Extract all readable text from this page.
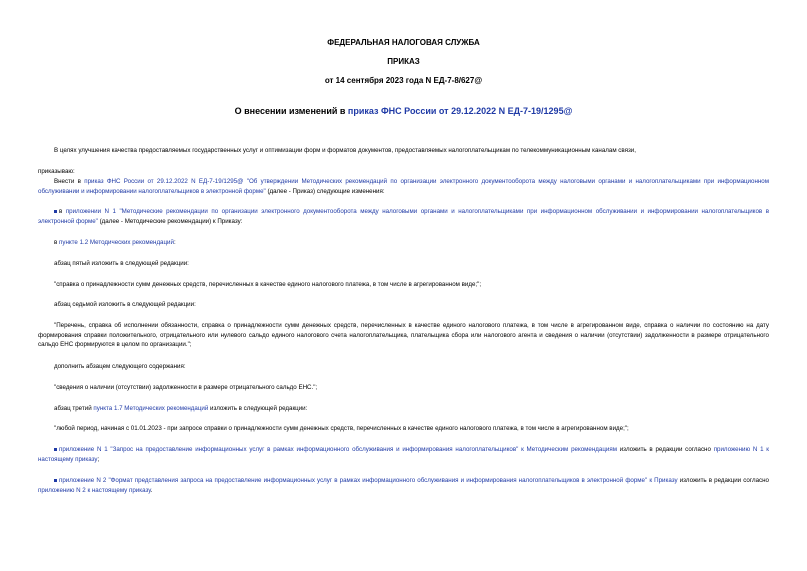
ФЕДЕРАЛЬНАЯ НАЛОГОВАЯ СЛУЖБА
ПРИКАЗ
от 14 сентября 2023 года N ЕД-7-8/627@
О внесении изменений в приказ ФНС России от 29.12.2022 N ЕД-7-19/1295@
В целях улучшения качества предоставляемых государственных услуг и оптимизации форм и форматов документов, предоставляемых налогоплательщикам по телекоммуникационным каналам связи,
приказываю:
Внести в приказ ФНС России от 29.12.2022 N ЕД-7-19/1295@ "Об утверждении Методических рекомендаций по организации электронного документооборота между налоговыми органами и налогоплательщиками при информационном обслуживании и информировании налогоплательщиков в электронной форме" (далее - Приказ) следующие изменения:
в приложении N 1 "Методические рекомендации по организации электронного документооборота между налоговыми органами и налогоплательщиками при информационном обслуживании и информировании налогоплательщиков в электронной форме" (далее - Методические рекомендации) к Приказу:
в пункте 1.2 Методических рекомендаций:
абзац пятый изложить в следующей редакции:
"справка о принадлежности сумм денежных средств, перечисленных в качестве единого налогового платежа, в том числе в агрегированном виде;";
абзац седьмой изложить в следующей редакции:
"Перечень, справка об исполнении обязанности, справка о принадлежности сумм денежных средств, перечисленных в качестве единого налогового платежа, в том числе в агрегированном виде, справка о наличии по состоянию на дату формирования справки положительного, отрицательного или нулевого сальдо единого налогового счета налогоплательщика, плательщика сбора или налогового агента и сведения о наличии (отсутствии) задолженности в размере отрицательного сальдо ЕНС формируются в целом по организации.";
дополнить абзацем следующего содержания:
"сведения о наличии (отсутствии) задолженности в размере отрицательного сальдо ЕНС.";
абзац третий пункта 1.7 Методических рекомендаций изложить в следующей редакции:
"любой период, начиная с 01.01.2023 - при запросе справки о принадлежности сумм денежных средств, перечисленных в качестве единого налогового платежа, в том числе в агрегированном виде;";
приложение N 1 "Запрос на предоставление информационных услуг в рамках информационного обслуживания и информирования налогоплательщиков" к Методическим рекомендациям изложить в редакции согласно приложению N 1 к настоящему приказу;
приложение N 2 "Формат представления запроса на предоставление информационных услуг в рамках информационного обслуживания и информирования налогоплательщиков в электронной форме" к Приказу изложить в редакции согласно приложению N 2 к настоящему приказу.
